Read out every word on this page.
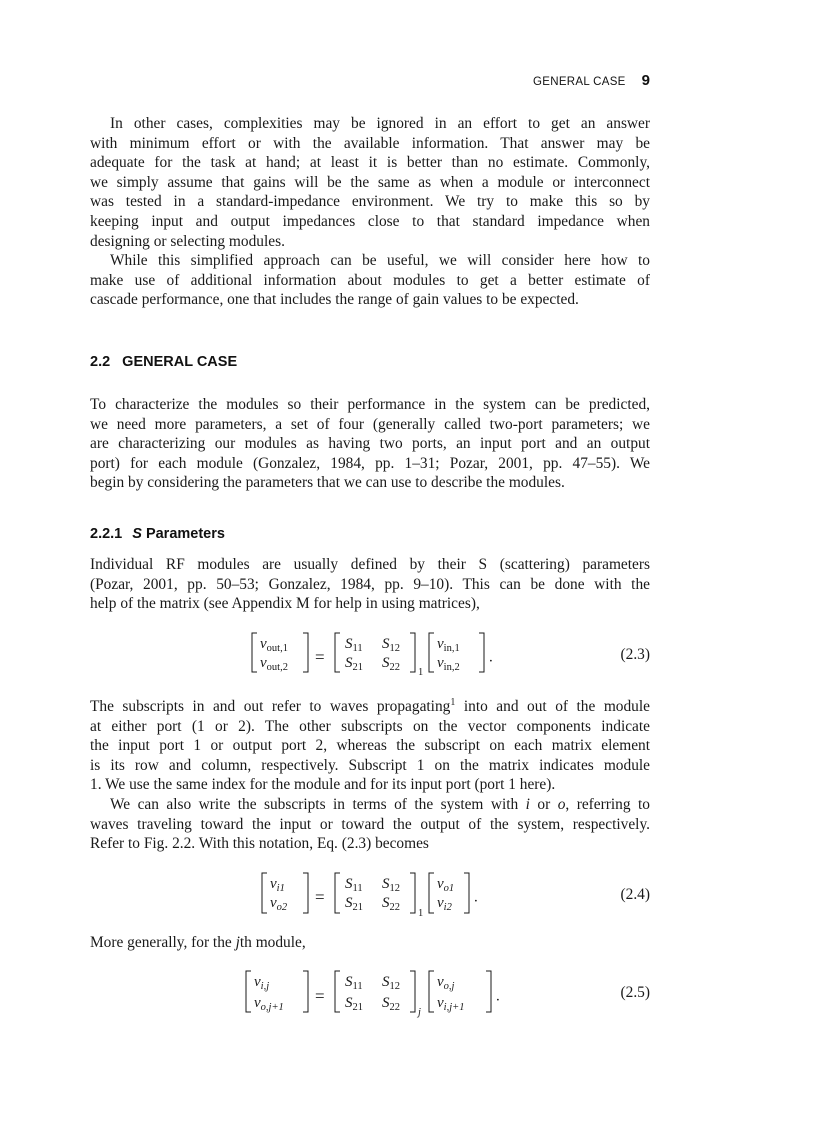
GENERAL CASE 9
In other cases, complexities may be ignored in an effort to get an answer
with minimum effort or with the available information. That answer may be
adequate for the task at hand; at least it is better than no estimate. Commonly,
we simply assume that gains will be the same as when a module or interconnect
was tested in a standard-impedance environment. We try to make this so by
keeping input and output impedances close to that standard impedance when
designing or selecting modules.
While this simplified approach can be useful, we will consider here how to
make use of additional information about modules to get a better estimate of
cascade performance, one that includes the range of gain values to be expected.
2.2 GENERAL CASE
To characterize the modules so their performance in the system can be predicted,
we need more parameters, a set of four (generally called two-port parameters; we
are characterizing our modules as having two ports, an input port and an output
port) for each module (Gonzalez, 1984, pp. 1–31; Pozar, 2001, pp. 47–55). We
begin by considering the parameters that we can use to describe the modules.
2.2.1 S Parameters
Individual RF modules are usually defined by their S (scattering) parameters
(Pozar, 2001, pp. 50–53; Gonzalez, 1984, pp. 9–10). This can be done with the
help of the matrix (see Appendix M for help in using matrices),
$v_{out,1}$
$v_{out,2}$
=
$S_{11}$ $S_{12}$
$S_{21}$ $S_{22}$ 1
$v_{in,1}$
$v_{in,2}$
.	(2.3)
The subscripts in and out refer to waves propagating$^1$ into and out of the module
at either port (1 or 2). The other subscripts on the vector components indicate
the input port 1 or output port 2, whereas the subscript on each matrix element
is its row and column, respectively. Subscript 1 on the matrix indicates module
1. We use the same index for the module and for its input port (port 1 here).
We can also write the subscripts in terms of the system with i or o, referring to
waves traveling toward the input or toward the output of the system, respectively.
Refer to Fig. 2.2. With this notation, Eq. (2.3) becomes
$v_{i1}$
$v_{o2}$
=
$S_{11}$ $S_{12}$
$S_{21}$ $S_{22}$
1
$v_{o1}$
$v_{i2}$
.	(2.4)
More generally, for the jth module,
$v_{i,j}$
$v_{o,j+1}$
=
$S_{11}$ $S_{12}$
$S_{21}$ $S_{22}$ j
$v_{o,j}$
$v_{i,j+1}$
.	(2.5)
